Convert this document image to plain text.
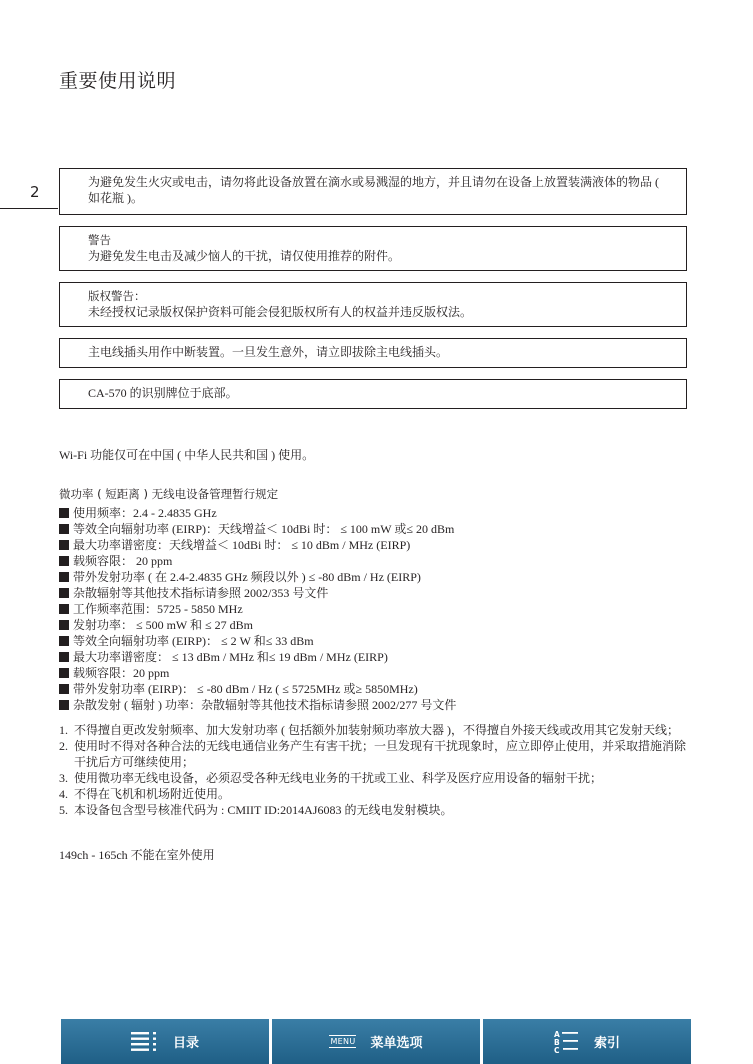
重要使用说明
2
为避免发生火灾或电击，请勿将此设备放置在滴水或易溅湿的地方，并且请勿在设备上放置装满液体的物品 ( 如花瓶 )。
警告
为避免发生电击及减少恼人的干扰，请仅使用推荐的附件。
版权警告：
未经授权记录版权保护资料可能会侵犯版权所有人的权益并违反版权法。
主电线插头用作中断装置。一旦发生意外，请立即拔除主电线插头。
CA-570 的识别牌位于底部。
Wi-Fi 功能仅可在中国 ( 中华人民共和国 ) 使用。
微功率 ( 短距离 ) 无线电设备管理暂行规定
使用频率：2.4 - 2.4835 GHz
等效全向辐射功率 (EIRP)：天线增益＜ 10dBi 时： ≤ 100 mW 或≤ 20 dBm
最大功率谱密度：天线增益＜ 10dBi 时： ≤ 10 dBm / MHz (EIRP)
载频容限： 20 ppm
带外发射功率 ( 在 2.4-2.4835 GHz 频段以外 ) ≤ -80 dBm / Hz (EIRP)
杂散辐射等其他技术指标请参照 2002/353 号文件
工作频率范围：5725 - 5850 MHz
发射功率： ≤ 500 mW 和 ≤ 27 dBm
等效全向辐射功率 (EIRP)： ≤ 2 W 和≤ 33 dBm
最大功率谱密度： ≤ 13 dBm / MHz 和≤ 19 dBm / MHz (EIRP)
载频容限：20 ppm
带外发射功率 (EIRP)： ≤ -80 dBm / Hz ( ≤ 5725MHz 或≥ 5850MHz)
杂散发射 ( 辐射 ) 功率：杂散辐射等其他技术指标请参照 2002/277 号文件
1. 不得擅自更改发射频率、加大发射功率 ( 包括额外加装射频功率放大器 )，不得擅自外接天线或改用其它发射天线；
2. 使用时不得对各种合法的无线电通信业务产生有害干扰；一旦发现有干扰现象时，应立即停止使用，并采取措施消除干扰后方可继续使用；
3. 使用微功率无线电设备，必须忍受各种无线电业务的干扰或工业、科学及医疗应用设备的辐射干扰；
4. 不得在飞机和机场附近使用。
5. 本设备包含型号核准代码为 : CMIIT ID:2014AJ6083 的无线电发射模块。
149ch - 165ch 不能在室外使用
目录	MENU 菜单选项
A
B
C	索引
